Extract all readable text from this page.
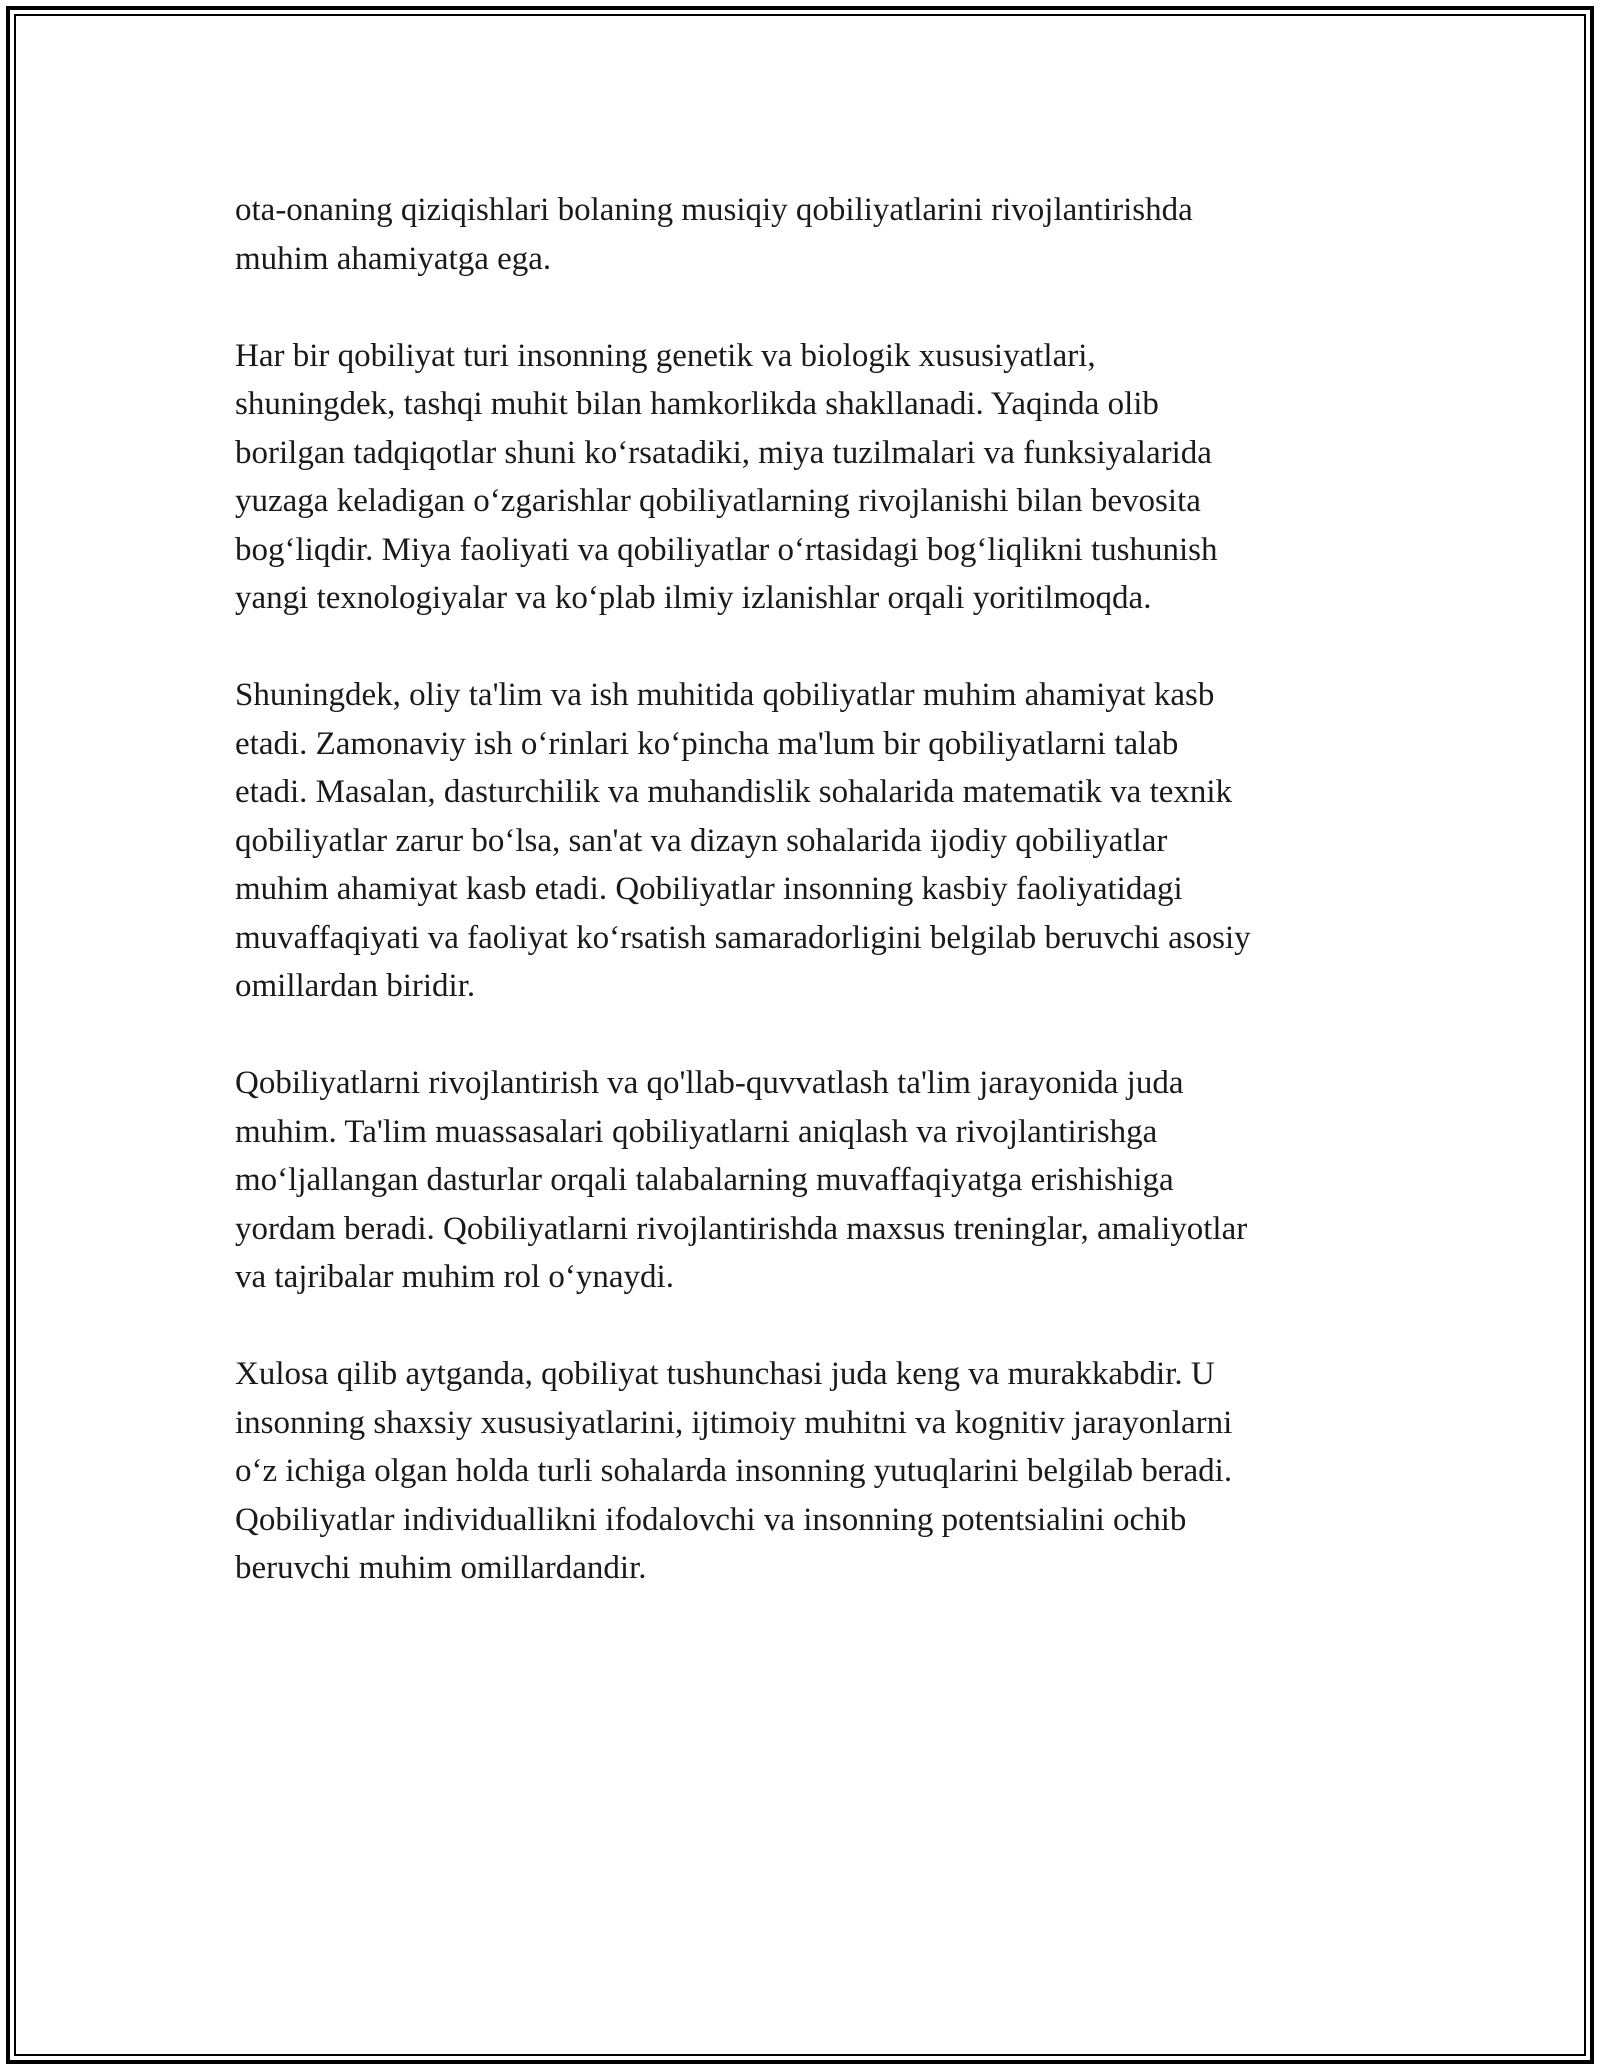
ota-onaning qiziqishlari bolaning musiqiy qobiliyatlarini rivojlantirishda
muhim ahamiyatga ega.

Har bir qobiliyat turi insonning genetik va biologik xususiyatlari,
shuningdek, tashqi muhit bilan hamkorlikda shakllanadi. Yaqinda olib
borilgan tadqiqotlar shuni ko‘rsatadiki, miya tuzilmalari va funksiyalarida
yuzaga keladigan o‘zgarishlar qobiliyatlarning rivojlanishi bilan bevosita
bog‘liqdir. Miya faoliyati va qobiliyatlar o‘rtasidagi bog‘liqlikni tushunish
yangi texnologiyalar va ko‘plab ilmiy izlanishlar orqali yoritilmoqda.

Shuningdek, oliy ta'lim va ish muhitida qobiliyatlar muhim ahamiyat kasb
etadi. Zamonaviy ish o‘rinlari ko‘pincha ma'lum bir qobiliyatlarni talab
etadi. Masalan, dasturchilik va muhandislik sohalarida matematik va texnik
qobiliyatlar zarur bo‘lsa, san'at va dizayn sohalarida ijodiy qobiliyatlar
muhim ahamiyat kasb etadi. Qobiliyatlar insonning kasbiy faoliyatidagi
muvaffaqiyati va faoliyat ko‘rsatish samaradorligini belgilab beruvchi asosiy
omillardan biridir.

Qobiliyatlarni rivojlantirish va qo'llab-quvvatlash ta'lim jarayonida juda
muhim. Ta'lim muassasalari qobiliyatlarni aniqlash va rivojlantirishga
mo‘ljallangan dasturlar orqali talabalarning muvaffaqiyatga erishishiga
yordam beradi. Qobiliyatlarni rivojlantirishda maxsus treninglar, amaliyotlar
va tajribalar muhim rol o‘ynaydi.

Xulosa qilib aytganda, qobiliyat tushunchasi juda keng va murakkabdir. U
insonning shaxsiy xususiyatlarini, ijtimoiy muhitni va kognitiv jarayonlarni
o‘z ichiga olgan holda turli sohalarda insonning yutuqlarini belgilab beradi.
Qobiliyatlar individuallikni ifodalovchi va insonning potentsialini ochib
beruvchi muhim omillardandir.
